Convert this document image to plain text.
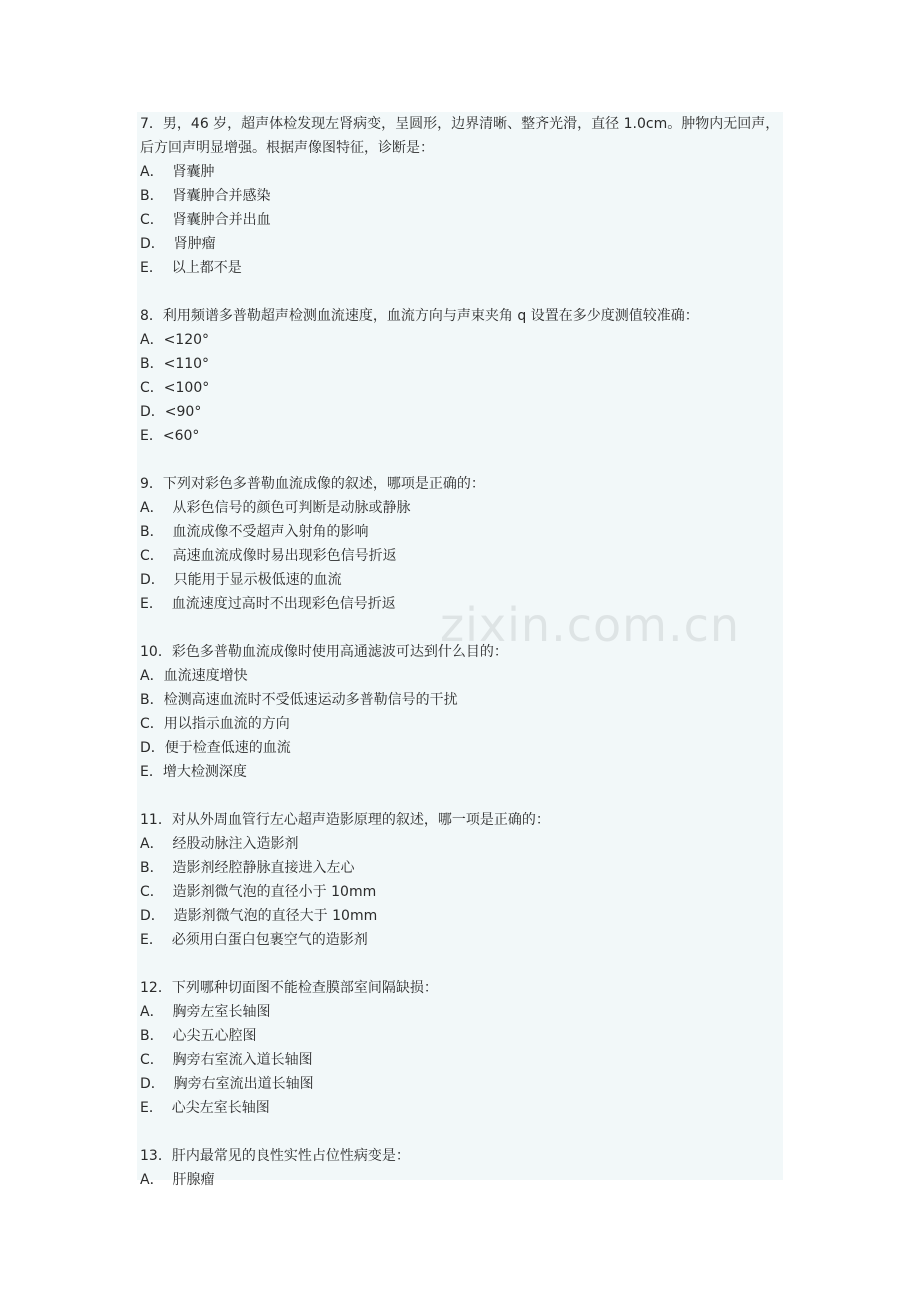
7．男，46 岁，超声体检发现左肾病变，呈圆形，边界清晰、整齐光滑，直径 1.0cm。肿物内无回声，后方回声明显增强。根据声像图特征，诊断是：
A．  肾囊肿
B．  肾囊肿合并感染
C．  肾囊肿合并出血
D．  肾肿瘤
E．  以上都不是
8．利用频谱多普勒超声检测血流速度，血流方向与声束夹角 q 设置在多少度测值较准确：
A．<120°
B．<110°
C．<100°
D．<90°
E．<60°
9．下列对彩色多普勒血流成像的叙述，哪项是正确的：
A．  从彩色信号的颜色可判断是动脉或静脉
B．  血流成像不受超声入射角的影响
C．  高速血流成像时易出现彩色信号折返
D．  只能用于显示极低速的血流
E．  血流速度过高时不出现彩色信号折返
10．彩色多普勒血流成像时使用高通滤波可达到什么目的：
A．血流速度增快
B．检测高速血流时不受低速运动多普勒信号的干扰
C．用以指示血流的方向
D．便于检查低速的血流
E．增大检测深度
11．对从外周血管行左心超声造影原理的叙述，哪一项是正确的：
A．  经股动脉注入造影剂
B．  造影剂经腔静脉直接进入左心
C．  造影剂微气泡的直径小于 10mm
D．  造影剂微气泡的直径大于 10mm
E．  必须用白蛋白包裹空气的造影剂
12．下列哪种切面图不能检查膜部室间隔缺损：
A．  胸旁左室长轴图
B．  心尖五心腔图
C．  胸旁右室流入道长轴图
D．  胸旁右室流出道长轴图
E．  心尖左室长轴图
13．肝内最常见的良性实性占位性病变是：
A．  肝腺瘤
zixin.com.cn
